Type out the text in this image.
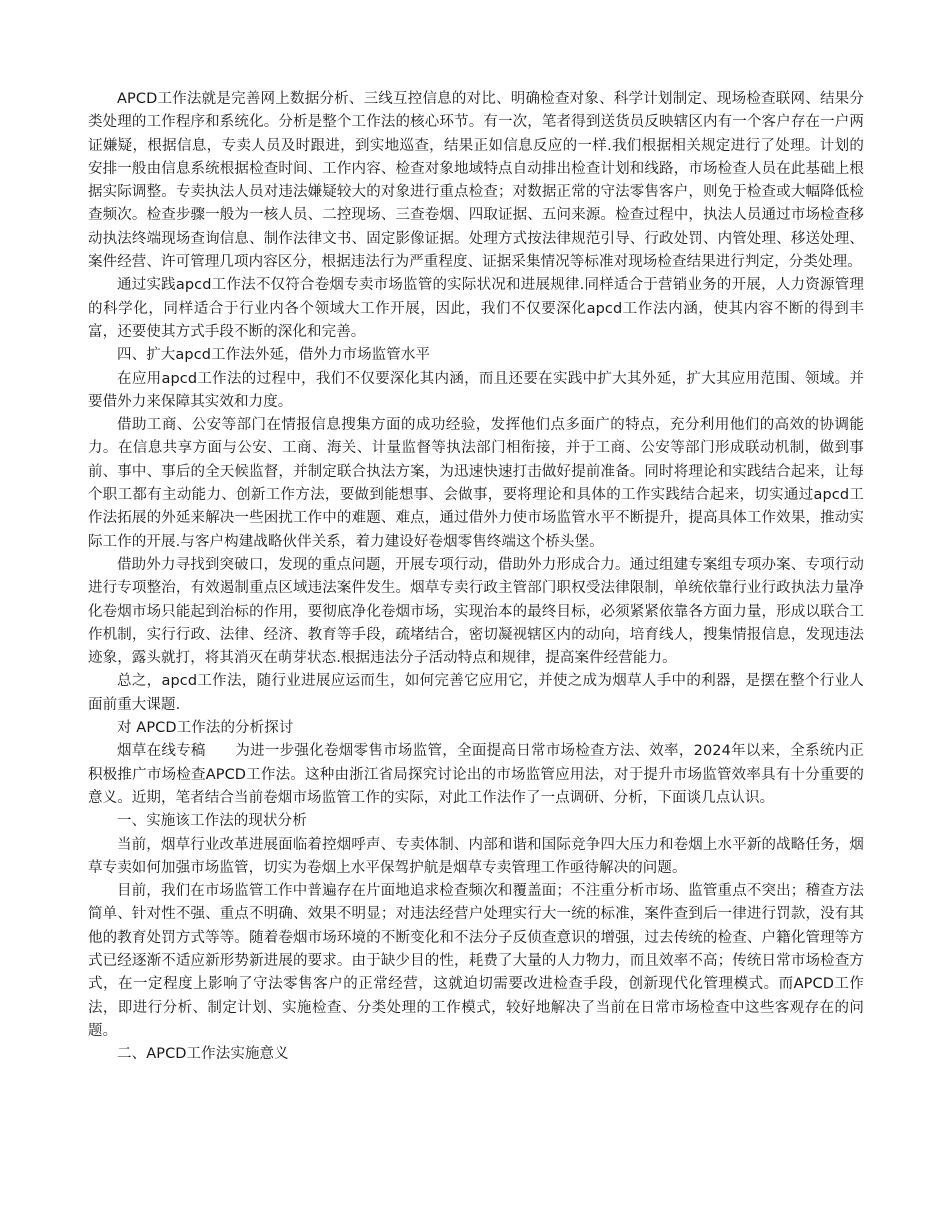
APCD工作法就是完善网上数据分析、三线互控信息的对比、明确检查对象、科学计划制定、现场检查联网、结果分类处理的工作程序和系统化。分析是整个工作法的核心环节。有一次，笔者得到送货员反映辖区内有一个客户存在一户两证嫌疑，根据信息，专卖人员及时跟进，到实地巡查，结果正如信息反应的一样.我们根据相关规定进行了处理。计划的安排一般由信息系统根据检查时间、工作内容、检查对象地域特点自动排出检查计划和线路，市场检查人员在此基础上根据实际调整。专卖执法人员对违法嫌疑较大的对象进行重点检查；对数据正常的守法零售客户，则免于检查或大幅降低检查频次。检查步骤一般为一核人员、二控现场、三查卷烟、四取证据、五问来源。检查过程中，执法人员通过市场检查移动执法终端现场查询信息、制作法律文书、固定影像证据。处理方式按法律规范引导、行政处罚、内管处理、移送处理、案件经营、许可管理几项内容区分，根据违法行为严重程度、证据采集情况等标准对现场检查结果进行判定，分类处理。

通过实践apcd工作法不仅符合卷烟专卖市场监管的实际状况和进展规律.同样适合于营销业务的开展，人力资源管理的科学化，同样适合于行业内各个领域大工作开展，因此，我们不仅要深化apcd工作法内涵，使其内容不断的得到丰富，还要使其方式手段不断的深化和完善。

四、扩大apcd工作法外延，借外力市场监管水平

在应用apcd工作法的过程中，我们不仅要深化其内涵，而且还要在实践中扩大其外延，扩大其应用范围、领域。并要借外力来保障其实效和力度。

借助工商、公安等部门在情报信息搜集方面的成功经验，发挥他们点多面广的特点，充分利用他们的高效的协调能力。在信息共享方面与公安、工商、海关、计量监督等执法部门相衔接，并于工商、公安等部门形成联动机制，做到事前、事中、事后的全天候监督，并制定联合执法方案，为迅速快速打击做好提前准备。同时将理论和实践结合起来，让每个职工都有主动能力、创新工作方法，要做到能想事、会做事，要将理论和具体的工作实践结合起来，切实通过apcd工作法拓展的外延来解决一些困扰工作中的难题、难点，通过借外力使市场监管水平不断提升，提高具体工作效果，推动实际工作的开展.与客户构建战略伙伴关系，着力建设好卷烟零售终端这个桥头堡。

借助外力寻找到突破口，发现的重点问题，开展专项行动，借助外力形成合力。通过组建专案组专项办案、专项行动进行专项整治，有效遏制重点区域违法案件发生。烟草专卖行政主管部门职权受法律限制，单统依靠行业行政执法力量净化卷烟市场只能起到治标的作用，要彻底净化卷烟市场，实现治本的最终目标，必须紧紧依靠各方面力量，形成以联合工作机制，实行行政、法律、经济、教育等手段，疏堵结合，密切凝视辖区内的动向，培育线人，搜集情报信息，发现违法迹象，露头就打，将其消灭在萌芽状态.根据违法分子活动特点和规律，提高案件经营能力。

总之，apcd工作法，随行业进展应运而生，如何完善它应用它，并使之成为烟草人手中的利器，是摆在整个行业人面前重大课题.

对 APCD工作法的分析探讨

烟草在线专稿　　为进一步强化卷烟零售市场监管，全面提高日常市场检查方法、效率，2024年以来，全系统内正积极推广市场检查APCD工作法。这种由浙江省局探究讨论出的市场监管应用法，对于提升市场监管效率具有十分重要的意义。近期，笔者结合当前卷烟市场监管工作的实际，对此工作法作了一点调研、分析，下面谈几点认识。

一、实施该工作法的现状分析

当前，烟草行业改革进展面临着控烟呼声、专卖体制、内部和谐和国际竞争四大压力和卷烟上水平新的战略任务，烟草专卖如何加强市场监管，切实为卷烟上水平保驾护航是烟草专卖管理工作亟待解决的问题。

目前，我们在市场监管工作中普遍存在片面地追求检查频次和覆盖面；不注重分析市场、监管重点不突出；稽查方法简单、针对性不强、重点不明确、效果不明显；对违法经营户处理实行大一统的标准，案件查到后一律进行罚款，没有其他的教育处罚方式等等。随着卷烟市场环境的不断变化和不法分子反侦查意识的增强，过去传统的检查、户籍化管理等方式已经逐渐不适应新形势新进展的要求。由于缺少目的性，耗费了大量的人力物力，而且效率不高；传统日常市场检查方式，在一定程度上影响了守法零售客户的正常经营，这就迫切需要改进检查手段，创新现代化管理模式。而APCD工作法，即进行分析、制定计划、实施检查、分类处理的工作模式，较好地解决了当前在日常市场检查中这些客观存在的问题。

二、APCD工作法实施意义
